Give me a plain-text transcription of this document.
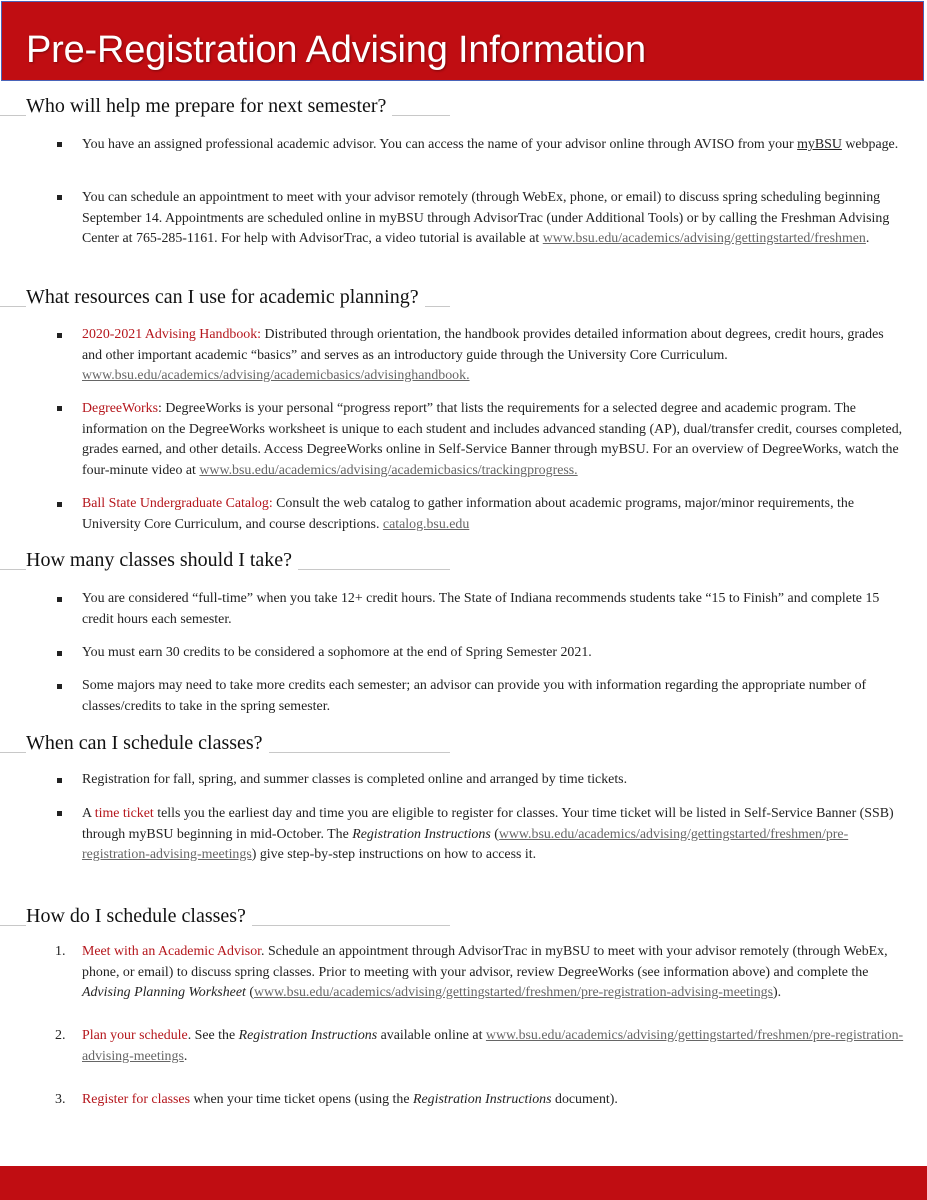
Pre-Registration Advising Information
Who will help me prepare for next semester?

You have an assigned professional academic advisor. You can access the name of your advisor online through AVISO from your myBSU webpage.

You can schedule an appointment to meet with your advisor remotely (through WebEx, phone, or email) to discuss spring scheduling beginning September 14. Appointments are scheduled online in myBSU through AdvisorTrac (under Additional Tools) or by calling the Freshman Advising Center at 765-285-1161. For help with AdvisorTrac, a video tutorial is available at www.bsu.edu/academics/advising/gettingstarted/freshmen.

What resources can I use for academic planning?

2020-2021 Advising Handbook: Distributed through orientation, the handbook provides detailed information about degrees, credit hours, grades and other important academic “basics” and serves as an introductory guide through the University Core Curriculum. www.bsu.edu/academics/advising/academicbasics/advisinghandbook.

DegreeWorks: DegreeWorks is your personal “progress report” that lists the requirements for a selected degree and academic program. The information on the DegreeWorks worksheet is unique to each student and includes advanced standing (AP), dual/transfer credit, courses completed, grades earned, and other details. Access DegreeWorks online in Self-Service Banner through myBSU. For an overview of DegreeWorks, watch the four-minute video at www.bsu.edu/academics/advising/academicbasics/trackingprogress.

Ball State Undergraduate Catalog: Consult the web catalog to gather information about academic programs, major/minor requirements, the University Core Curriculum, and course descriptions. catalog.bsu.edu

How many classes should I take?

You are considered “full-time” when you take 12+ credit hours. The State of Indiana recommends students take “15 to Finish” and complete 15 credit hours each semester.

You must earn 30 credits to be considered a sophomore at the end of Spring Semester 2021.

Some majors may need to take more credits each semester; an advisor can provide you with information regarding the appropriate number of classes/credits to take in the spring semester.

When can I schedule classes?

Registration for fall, spring, and summer classes is completed online and arranged by time tickets.

A time ticket tells you the earliest day and time you are eligible to register for classes. Your time ticket will be listed in Self-Service Banner (SSB) through myBSU beginning in mid-October. The Registration Instructions (www.bsu.edu/academics/advising/gettingstarted/freshmen/pre-registration-advising-meetings) give step-by-step instructions on how to access it.

How do I schedule classes?
1. Meet with an Academic Advisor. Schedule an appointment through AdvisorTrac in myBSU to meet with your advisor remotely (through WebEx, phone, or email) to discuss spring classes. Prior to meeting with your advisor, review DegreeWorks (see information above) and complete the Advising Planning Worksheet (www.bsu.edu/academics/advising/gettingstarted/freshmen/pre-registration-advising-meetings).

2. Plan your schedule. See the Registration Instructions available online at www.bsu.edu/academics/advising/gettingstarted/freshmen/pre-registration-advising-meetings.

3. Register for classes when your time ticket opens (using the Registration Instructions document).
